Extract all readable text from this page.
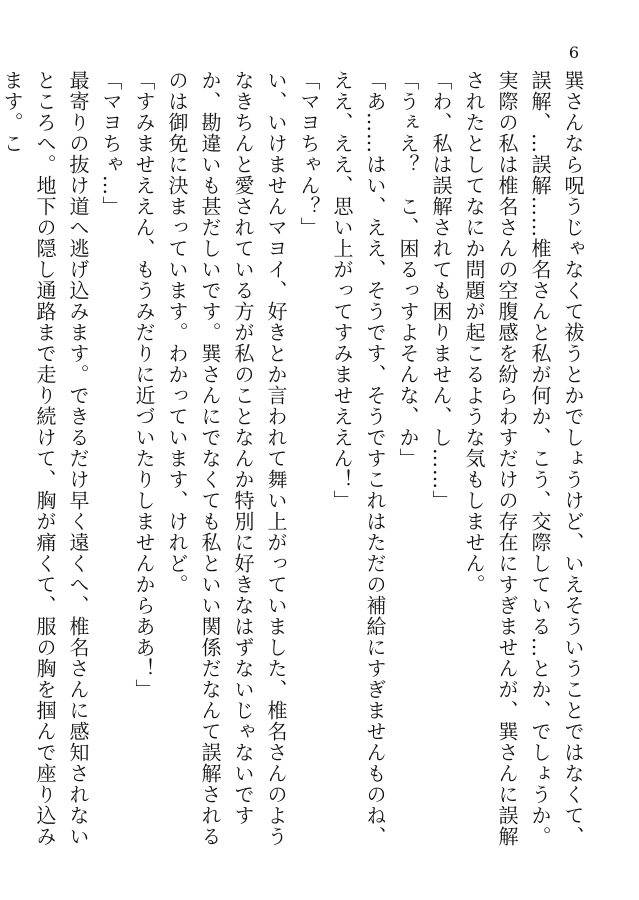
6

巽さんなら呪うじゃなくて祓うとかでしょうけど、いえそういうことではなくて、誤解、…誤解……椎名さんと私が何か、こう、交際している…とか、でしょうか。実際の私は椎名さんの空腹感を紛らわすだけの存在にすぎませんが、巽さんに誤解されたとしてなにか問題が起こるような気もしません。

「わ、私は誤解されても困りません、し……」

「うぇえ？　こ、困るっすよそんな、か」

「あ……はい、ええ、そうです、そうですこれはただの補給にすぎませんものね、ええ、ええ、思い上がってすみませええん！」

「マヨちゃん？」

い、いけませんマヨイ、好きとか言われて舞い上がっていました、椎名さんのようなきちんと愛されている方が私のことなんか特別に好きなはずないじゃないですか、勘違いも甚だしいです。巽さんにでなくても私といい関係だなんて誤解されるのは御免に決まっています。わかっています、けれど。

「すみませええん、もうみだりに近づいたりしませんからああ！」

「マヨちゃ…」

最寄りの抜け道へ逃げ込みます。できるだけ早く遠くへ、椎名さんに感知されないところへ。地下の隠し通路まで走り続けて、胸が痛くて、服の胸を掴んで座り込みます。こ
